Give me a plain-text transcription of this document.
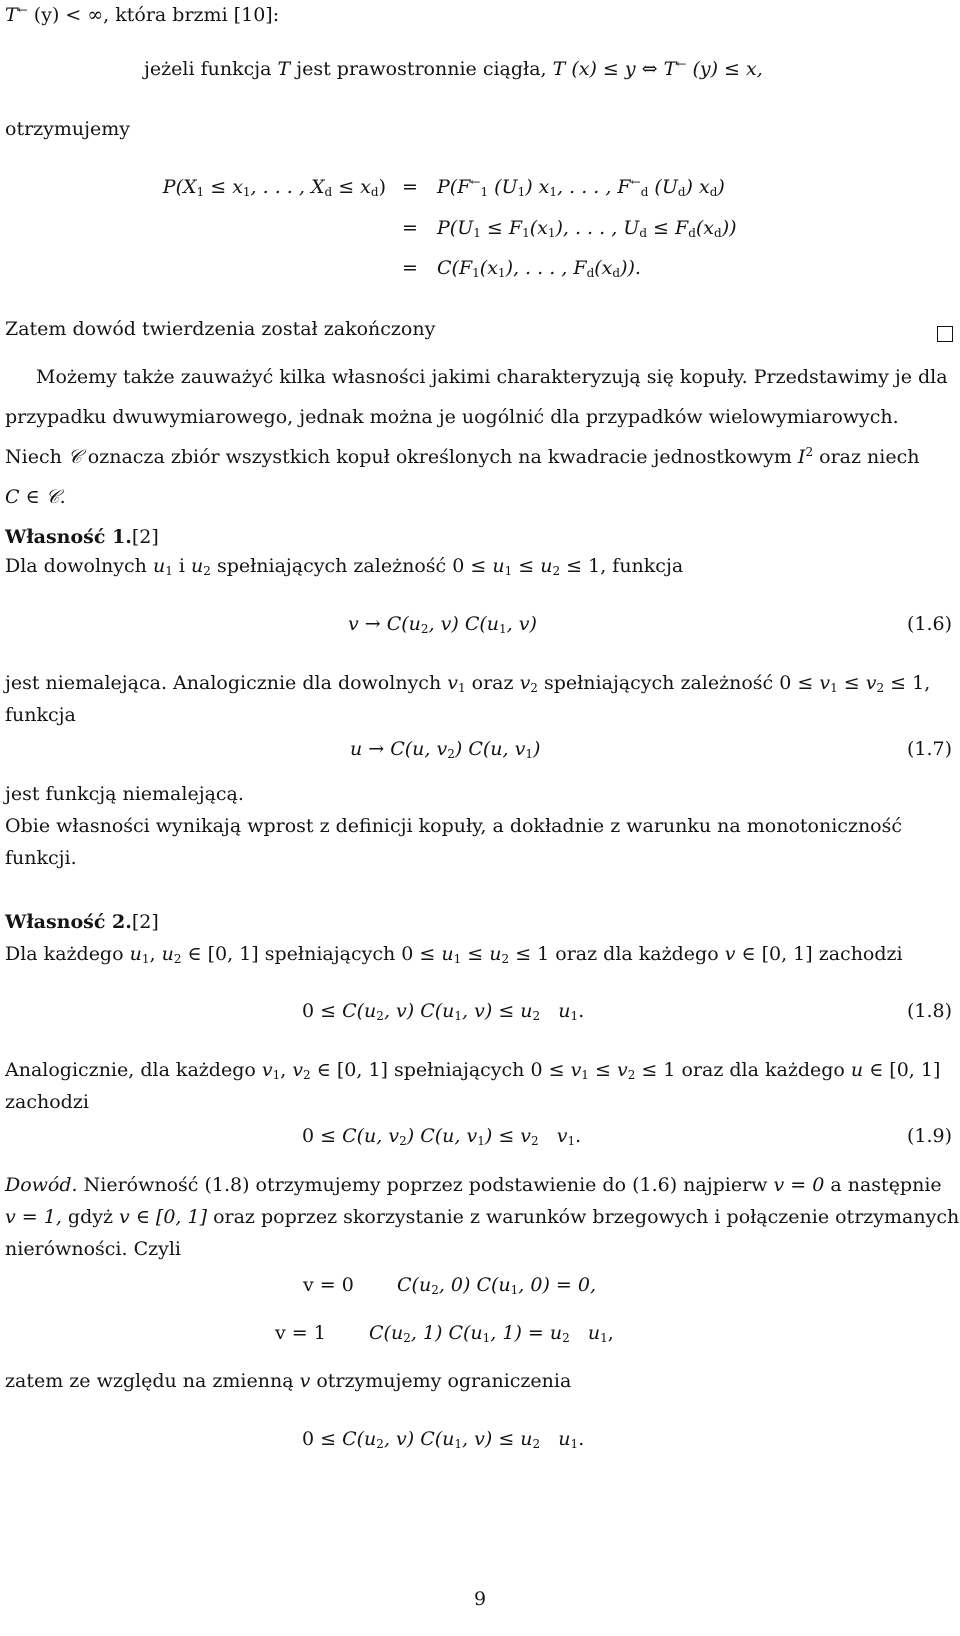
T← (y) < ∞, która brzmi [10]:
jeżeli funkcja T jest prawostronnie ciągła, T (x) ≤ y ⇔ T← (y) ≤ x,
otrzymujemy
$P(X_1 \le x_1$, . . . , $X_d \le x_d) = P(F^\leftarrow_1$ $(U_1)$ $x_1$, . . . , $F^\leftarrow_d$ $(U_d)$ $x_d$)
= $P(U_1 \le F_1(x_1)$, . . . , $U_d \le F_d(x_d)$)
= $C(F_1(x_1)$, . . . , $F_d(x_d)$).
Zatem dowód twierdzenia został zakończony
Możemy także zauważyć kilka własności jakimi charakteryzują się kopuły. Przedstawimy je dla
przypadku dwuwymiarowego, jednak można je uogólnić dla przypadków wielowymiarowych.
Niech 𝒞 oznacza zbiór wszystkich kopuł określonych na kwadracie jednostkowym $I^2$ oraz niech
C ∈ 𝒞.
Własność 1.[2]
Dla dowolnych $u_1$ i $u_2$ spełniających zależność $0 \le u_1 \le u_2 \le 1$, funkcja
$v \to C(u_2$, v) $C(u_1$, v)	(1.6)
jest niemalejąca. Analogicznie dla dowolnych $v_1$ oraz $v_2$ spełniających zależność $0 \le v_1 \le v_2 \le 1$,
funkcja
u → C(u, $v_2$) C(u, $v_1$)	(1.7)
jest funkcją niemalejącą.
Obie własności wynikają wprost z definicji kopuły, a dokładnie z warunku na monotoniczność
funkcji.
Własność 2.[2]
Dla każdego $u_1$, $u_2$ ∈ [0, 1] spełniających $0 \le u_1 \le u_2 \le 1$ oraz dla każdego v ∈ [0, 1] zachodzi
$0 \le C(u_2$, v) $C(u_1$, $v) \le u_2$ $u_1$.	(1.8)
Analogicznie, dla każdego $v_1$, $v_2$ ∈ [0, 1] spełniających $0 \le v_1 \le v_2 \le 1$ oraz dla każdego u ∈ [0, 1]
zachodzi
0 ≤ C(u, $v_2$) C(u, $v_1) \le v_2$ $v_1$.	(1.9)
Dowód. Nierówność (1.8) otrzymujemy poprzez podstawienie do (1.6) najpierw v = 0 a następnie
v = 1, gdyż v ∈ [0, 1] oraz poprzez skorzystanie z warunków brzegowych i połączenie otrzymanych
nierówności. Czyli
v = 0 $C(u_2$, 0) $C(u_1$, 0) = 0,
v = 1 $C(u_2$, 1) $C(u_1$, $1) = u_2$ $u_1$,
zatem ze względu na zmienną v otrzymujemy ograniczenia
$0 \le C(u_2$, v) $C(u_1$, $v) \le u_2$ $u_1$.
9
